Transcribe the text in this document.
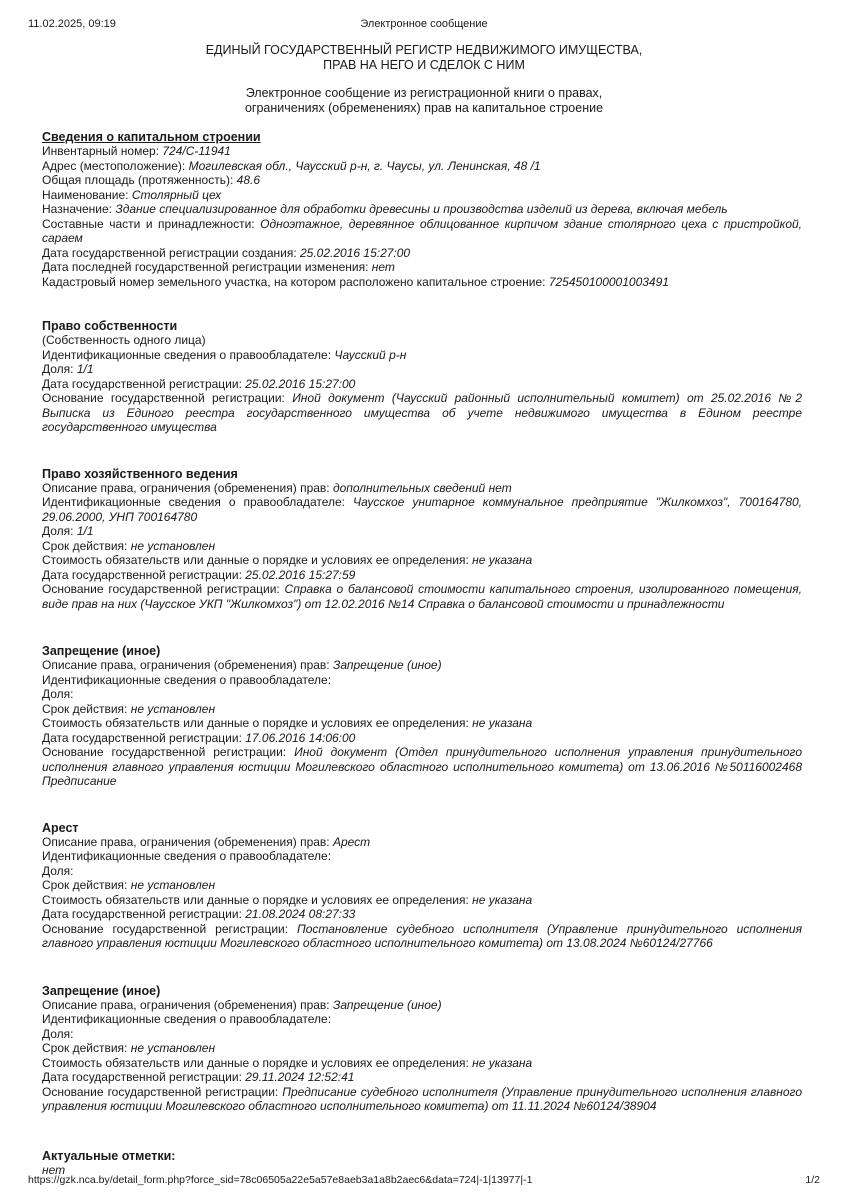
11.02.2025, 09:19	Электронное сообщение
ЕДИНЫЙ ГОСУДАРСТВЕННЫЙ РЕГИСТР НЕДВИЖИМОГО ИМУЩЕСТВА,
ПРАВ НА НЕГО И СДЕЛОК С НИМ
Электронное сообщение из регистрационной книги о правах,
ограничениях (обременениях) прав на капитальное строение
Сведения о капитальном строении
Инвентарный номер: 724/C-11941
Адрес (местоположение): Могилевская обл., Чаусский р-н, г. Чаусы, ул. Ленинская, 48 /1
Общая площадь (протяженность): 48.6
Наименование: Столярный цех
Назначение: Здание специализированное для обработки древесины и производства изделий из дерева, включая мебель
Составные части и принадлежности: Одноэтажное, деревянное облицованное кирпичом здание столярного цеха с пристройкой, сараем
Дата государственной регистрации создания: 25.02.2016 15:27:00
Дата последней государственной регистрации изменения: нет
Кадастровый номер земельного участка, на котором расположено капитальное строение: 725450100001003491
Право собственности
(Собственность одного лица)
Идентификационные сведения о правообладателе: Чаусский р-н
Доля: 1/1
Дата государственной регистрации: 25.02.2016 15:27:00
Основание государственной регистрации: Иной документ (Чаусский районный исполнительный комитет) от 25.02.2016 №2 Выписка из Единого реестра государственного имущества об учете недвижимого имущества в Едином реестре государственного имущества
Право хозяйственного ведения
Описание права, ограничения (обременения) прав: дополнительных сведений нет
Идентификационные сведения о правообладателе: Чаусское унитарное коммунальное предприятие "Жилкомхоз", 700164780, 29.06.2000, УНП 700164780
Доля: 1/1
Срок действия: не установлен
Стоимость обязательств или данные о порядке и условиях ее определения: не указана
Дата государственной регистрации: 25.02.2016 15:27:59
Основание государственной регистрации: Справка о балансовой стоимости капитального строения, изолированного помещения, виде прав на них (Чаусское УКП "Жилкомхоз") от 12.02.2016 №14 Справка о балансовой стоимости и принадлежности
Запрещение (иное)
Описание права, ограничения (обременения) прав: Запрещение (иное)
Идентификационные сведения о правообладателе:
Доля:
Срок действия: не установлен
Стоимость обязательств или данные о порядке и условиях ее определения: не указана
Дата государственной регистрации: 17.06.2016 14:06:00
Основание государственной регистрации: Иной документ (Отдел принудительного исполнения управления принудительного исполнения главного управления юстиции Могилевского областного исполнительного комитета) от 13.06.2016 №50116002468 Предписание
Арест
Описание права, ограничения (обременения) прав: Арест
Идентификационные сведения о правообладателе:
Доля:
Срок действия: не установлен
Стоимость обязательств или данные о порядке и условиях ее определения: не указана
Дата государственной регистрации: 21.08.2024 08:27:33
Основание государственной регистрации: Постановление судебного исполнителя (Управление принудительного исполнения главного управления юстиции Могилевского областного исполнительного комитета) от 13.08.2024 №60124/27766
Запрещение (иное)
Описание права, ограничения (обременения) прав: Запрещение (иное)
Идентификационные сведения о правообладателе:
Доля:
Срок действия: не установлен
Стоимость обязательств или данные о порядке и условиях ее определения: не указана
Дата государственной регистрации: 29.11.2024 12:52:41
Основание государственной регистрации: Предписание судебного исполнителя (Управление принудительного исполнения главного управления юстиции Могилевского областного исполнительного комитета) от 11.11.2024 №60124/38904
Актуальные отметки:
нет
https://gzk.nca.by/detail_form.php?force_sid=78c06505a22e5a57e8aeb3a1a8b2aec6&data=724|-1|13977|-1	1/2
